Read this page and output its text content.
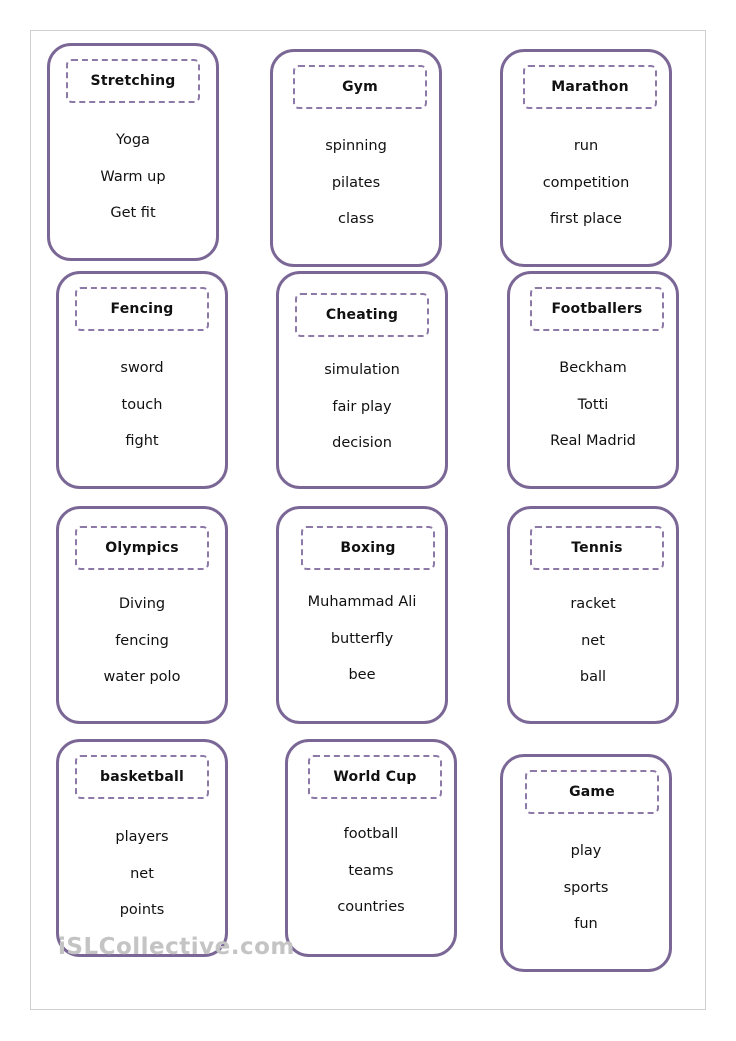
Stretching
Yoga
Warm up
Get fit
Gym
spinning
pilates
class
Marathon
run
competition
first place
Fencing
sword
touch
fight
Cheating
simulation
fair play
decision
Footballers
Beckham
Totti
Real Madrid
Olympics
Diving
fencing
water polo
Boxing
Muhammad Ali
butterfly
bee
Tennis
racket
net
ball
basketball
players
net
points
World Cup
football
teams
countries
Game
play
sports
fun
iSLCollective.com
